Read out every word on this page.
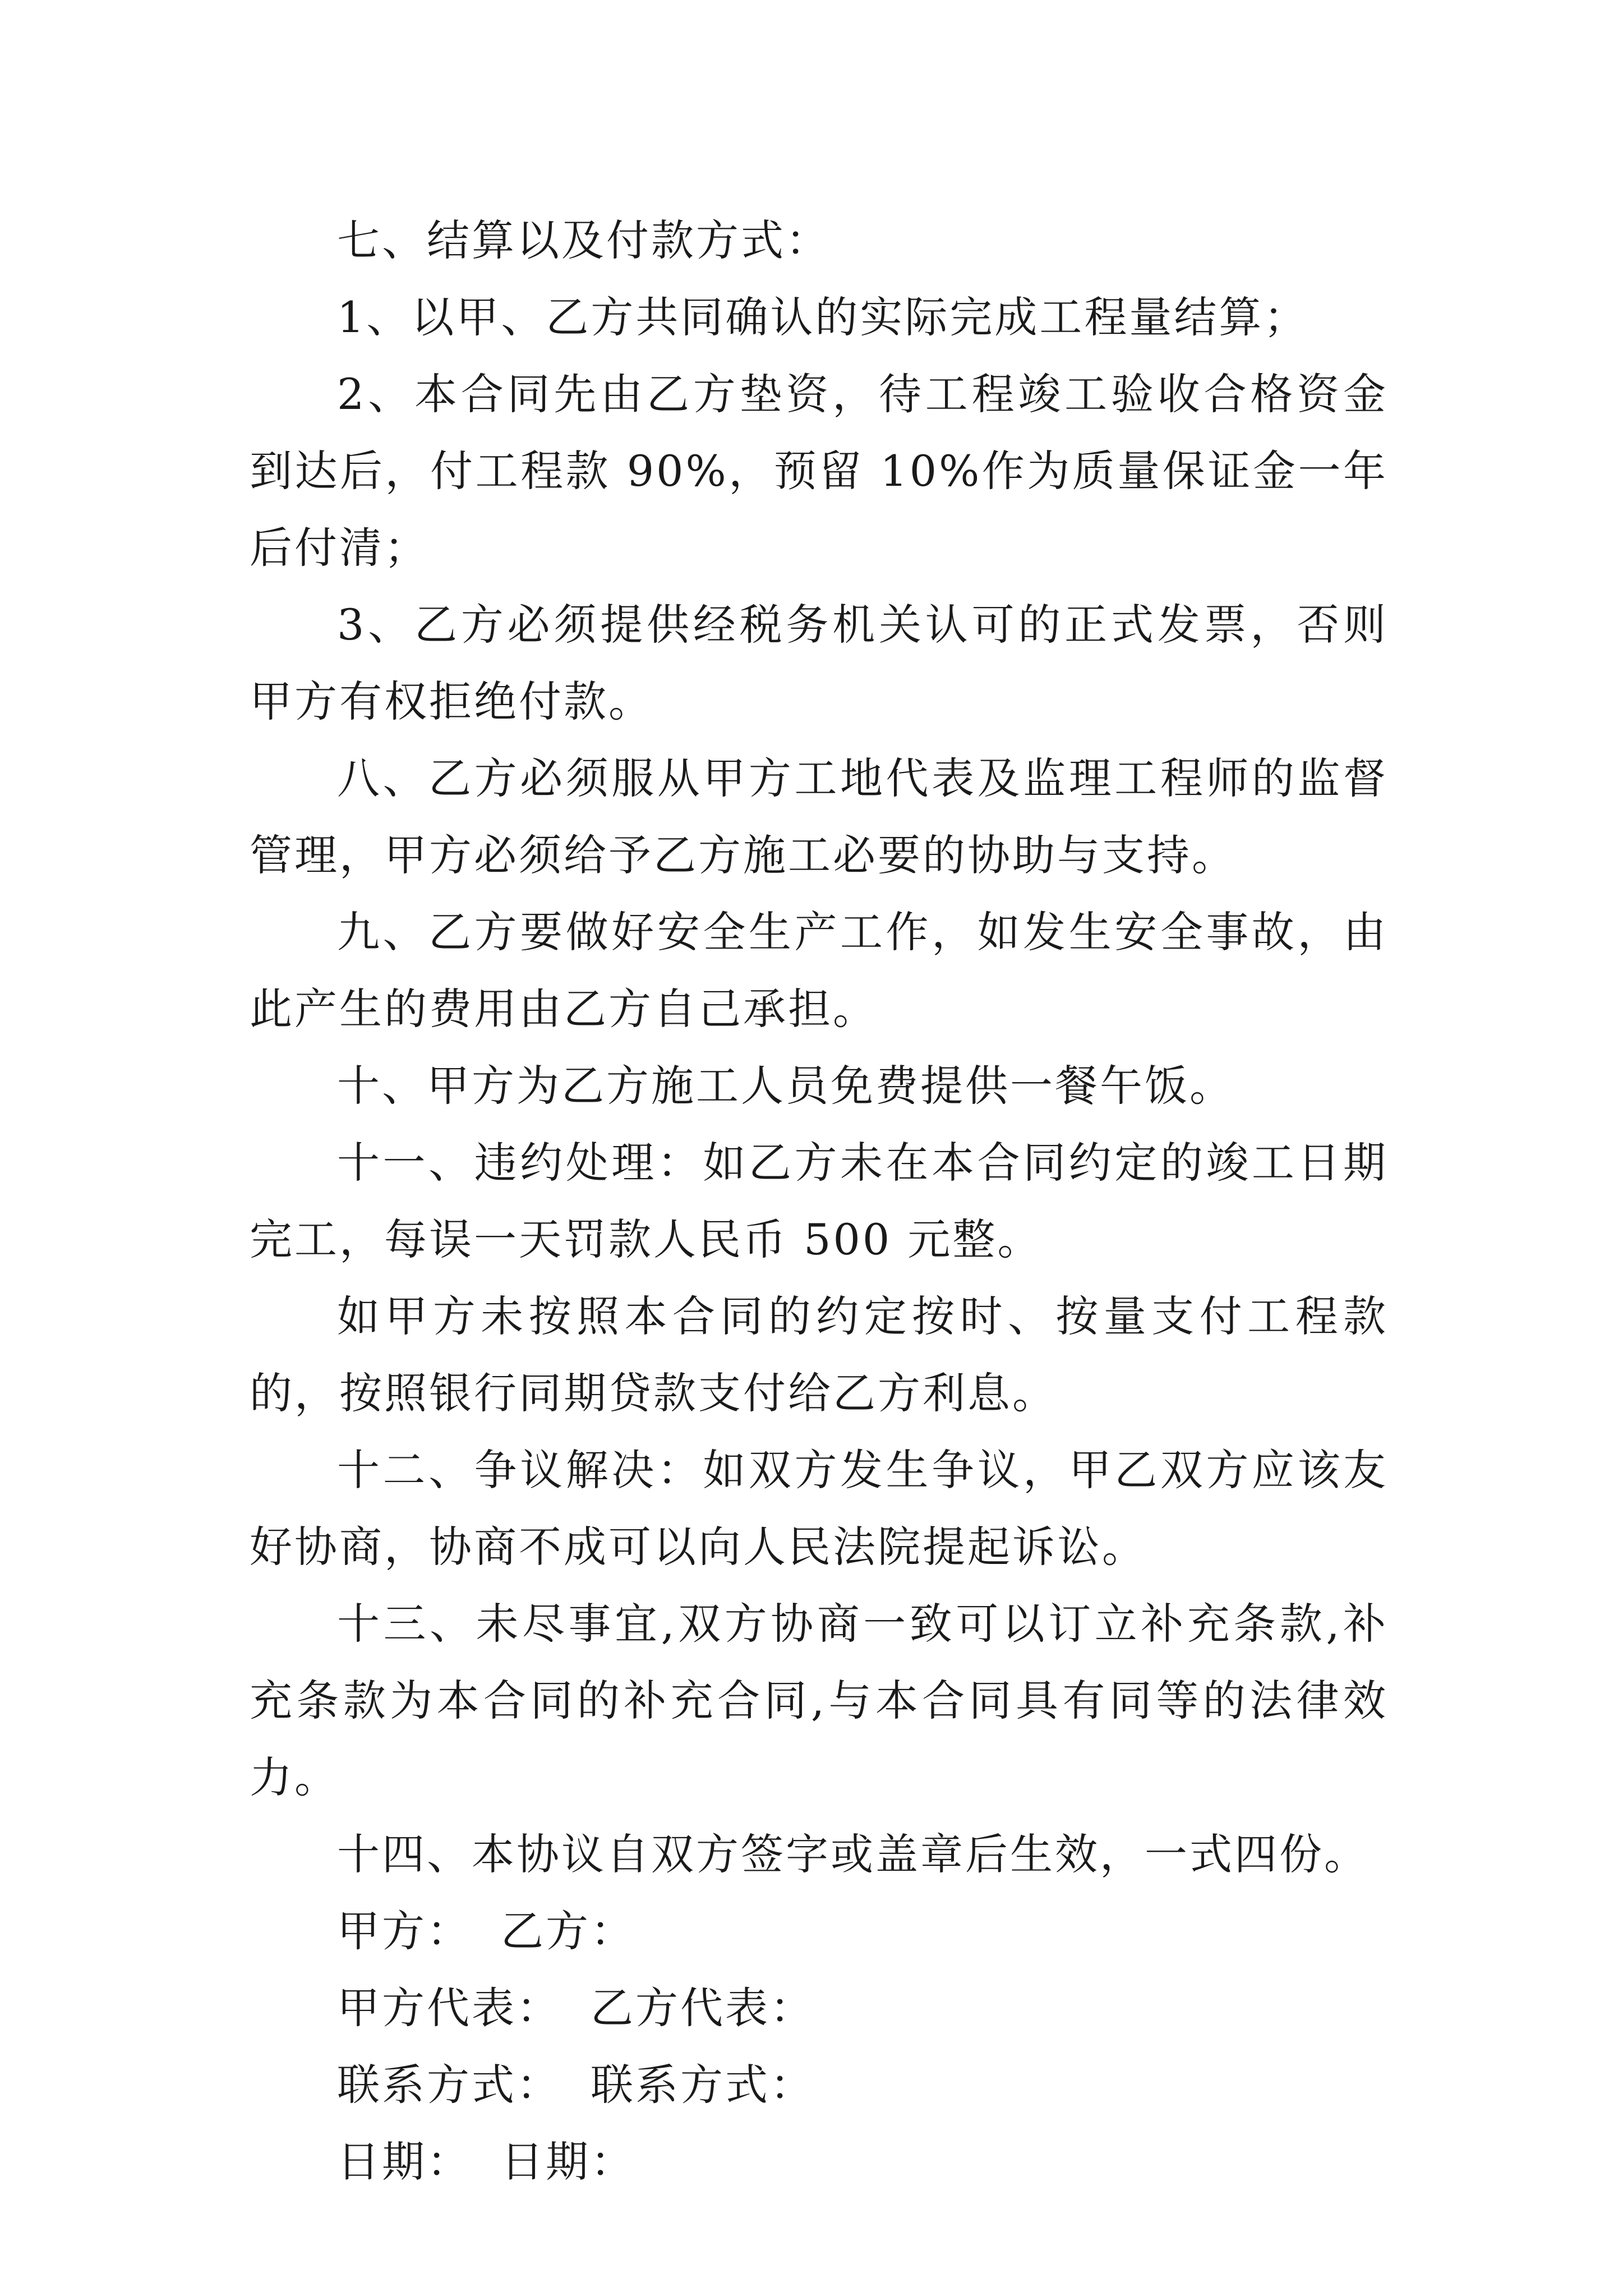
七、结算以及付款方式：

1、以甲、乙方共同确认的实际完成工程量结算；

2、本合同先由乙方垫资，待工程竣工验收合格资金到达后，付工程款 90%，预留 10%作为质量保证金一年后付清；

3、乙方必须提供经税务机关认可的正式发票，否则甲方有权拒绝付款。

八、乙方必须服从甲方工地代表及监理工程师的监督管理，甲方必须给予乙方施工必要的协助与支持。

九、乙方要做好安全生产工作，如发生安全事故，由此产生的费用由乙方自己承担。

十、甲方为乙方施工人员免费提供一餐午饭。

十一、违约处理：如乙方未在本合同约定的竣工日期完工，每误一天罚款人民币 500 元整。

如甲方未按照本合同的约定按时、按量支付工程款的，按照银行同期贷款支付给乙方利息。

十二、争议解决：如双方发生争议，甲乙双方应该友好协商，协商不成可以向人民法院提起诉讼。

十三、未尽事宜,双方协商一致可以订立补充条款,补充条款为本合同的补充合同,与本合同具有同等的法律效力。

十四、本协议自双方签字或盖章后生效，一式四份。

甲方： 乙方：

甲方代表： 乙方代表：

联系方式： 联系方式：

日期： 日期：
